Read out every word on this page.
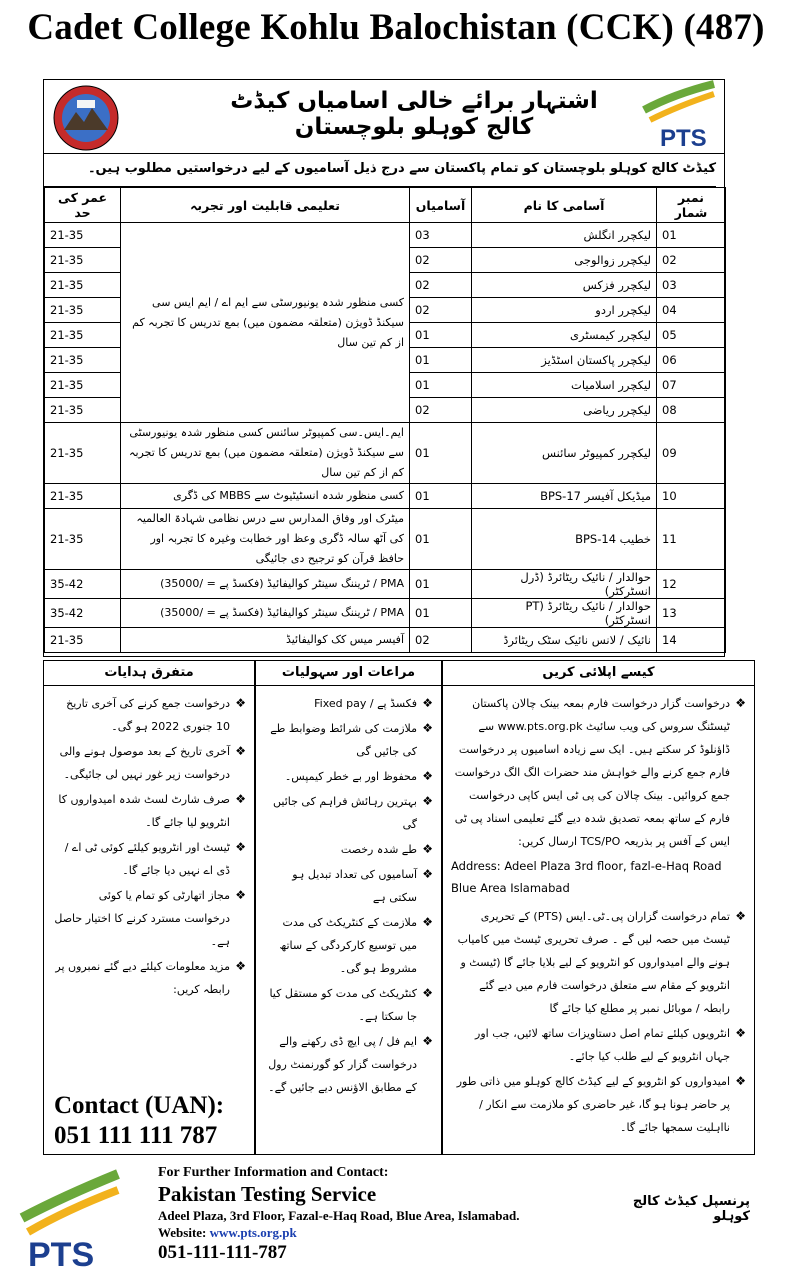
Cadet College Kohlu Balochistan (CCK) (487)
اشتہار برائے خالی اسامیاں کیڈٹ کالج کوہلو بلوچستان	PTS
کیڈٹ کالج کوہلو بلوچستان کو تمام پاکستان سے درج ذیل آسامیوں کے لیے درخواستیں مطلوب ہیں۔
عمر کی حد	تعلیمی قابلیت اور تجربہ	آسامیاں	آسامی کا نام	نمبر شمار
21-35	کسی منظور شدہ یونیورسٹی سے ایم اے / ایم ایس سی سیکنڈ ڈویژن (متعلقہ مضمون میں) بمع تدریس کا تجربہ کم از کم تین سال	03	لیکچرر انگلش	01
21-35		02	لیکچرر زوالوجی	02
21-35		02	لیکچرر فزکس	03
21-35		02	لیکچرر اردو	04
21-35		01	لیکچرر کیمسٹری	05
21-35		01	لیکچرر پاکستان اسٹڈیز	06
21-35		01	لیکچرر اسلامیات	07
21-35		02	لیکچرر ریاضی	08
21-35	ایم۔ایس۔سی کمپیوٹر سائنس کسی منظور شدہ یونیورسٹی سے سیکنڈ ڈویژن (متعلقہ مضمون میں) بمع تدریس کا تجربہ کم از کم تین سال	01	لیکچرر کمپیوٹر سائنس	09
21-35	کسی منظور شدہ انسٹیٹیوٹ سے MBBS کی ڈگری	01	میڈیکل آفیسر BPS-17	10
21-35	میٹرک اور وفاق المدارس سے درس نظامی شہادۃ العالمیہ کی آٹھ سالہ ڈگری وعظ اور خطابت وغیرہ کا تجربہ اور حافظ قرآن کو ترجیح دی جائیگی	01	خطیب BPS-14	11
35-42	PMA / ٹریننگ سینٹر کوالیفائیڈ (فکسڈ پے = /35000)	01	حوالدار / نائیک ریٹائرڈ (ڈرل انسٹرکٹر)	12
35-42	PMA / ٹریننگ سینٹر کوالیفائیڈ (فکسڈ پے = /35000)	01	حوالدار / نائیک ریٹائرڈ (PT انسٹرکٹر)	13
21-35	آفیسر میس کک کوالیفائیڈ	02	نائیک / لانس نائیک سٹک ریٹائرڈ	14
متفرق ہدایات
❖
درخواست جمع کرنے کی آخری تاریخ 10 جنوری 2022 ہو گی۔
❖
آخری تاریخ کے بعد موصول ہونے والی درخواست زیر غور نہیں لی جائیگی۔
❖
صرف شارٹ لسٹ شدہ امیدواروں کا انٹرویو لیا جائے گا۔
❖
ٹیسٹ اور انٹرویو کیلئے کوئی ٹی اے / ڈی اے نہیں دیا جائے گا۔
❖
مجاز اتھارٹی کو تمام یا کوئی درخواست مسترد کرنے کا اختیار حاصل ہے۔
❖
مزید معلومات کیلئے دیے گئے نمبروں پر رابطہ کریں:
Contact (UAN):
051 111 111 787
مراعات اور سہولیات
❖
فکسڈ پے / Fixed pay
❖
ملازمت کی شرائط وضوابط طے کی جائیں گی
❖
محفوظ اور بے خطر کیمپس۔
❖
بہترین رہائش فراہم کی جائیں گی
❖
طے شدہ رخصت
❖
آسامیوں کی تعداد تبدیل ہو سکتی ہے
❖
ملازمت کے کنٹریکٹ کی مدت میں توسیع کارکردگی کے ساتھ مشروط ہو گی۔
❖
کنٹریکٹ کی مدت کو مستقل کیا جا سکتا ہے۔
❖
ایم فل / پی ایچ ڈی رکھنے والے درخواست گزار کو گورنمنٹ رول کے مطابق الاؤنس دیے جائیں گے۔
کیسے اپلائی کریں
❖
درخواست گزار درخواست فارم بمعہ بینک چالان پاکستان ٹیسٹنگ سروس کی ویب سائیٹ www.pts.org.pk سے ڈاؤنلوڈ کر سکتے ہیں۔ ایک سے زیادہ اسامیوں پر درخواست فارم جمع کرنے والے خواہش مند حضرات الگ الگ درخواست جمع کروائیں۔ بینک چالان کی پی ٹی ایس کاپی درخواست فارم کے ساتھ بمعہ تصدیق شدہ دیے گئے تعلیمی اسناد پی ٹی ایس کے آفس پر بذریعہ TCS/PO ارسال کریں:
Address: Adeel Plaza 3rd floor, fazl-e-Haq Road Blue Area Islamabad
❖
تمام درخواست گزاران پی۔ٹی۔ایس (PTS) کے تحریری ٹیسٹ میں حصہ لیں گے ۔ صرف تحریری ٹیسٹ میں کامیاب ہونے والے امیدواروں کو انٹرویو کے لیے بلایا جائے گا (ٹیسٹ و انٹرویو کے مقام سے متعلق درخواست فارم میں دیے گئے رابطہ / موبائل نمبر پر مطلع کیا جائے گا
❖
انٹرویوں کیلئے تمام اصل دستاویزات ساتھ لائیں، جب اور جہاں انٹرویو کے لیے طلب کیا جائے۔
❖
امیدواروں کو انٹرویو کے لیے کیڈٹ کالج کوہلو میں ذاتی طور پر حاضر ہونا ہو گا، غیر حاضری کو ملازمت سے انکار / نااہلیت سمجھا جائے گا۔
PTS
For Further Information and Contact:
Pakistan Testing Service
Adeel Plaza, 3rd Floor, Fazal-e-Haq Road, Blue Area, Islamabad.
Website: www.pts.org.pk
051-111-111-787
پرنسپل کیڈٹ کالج کوہلو
